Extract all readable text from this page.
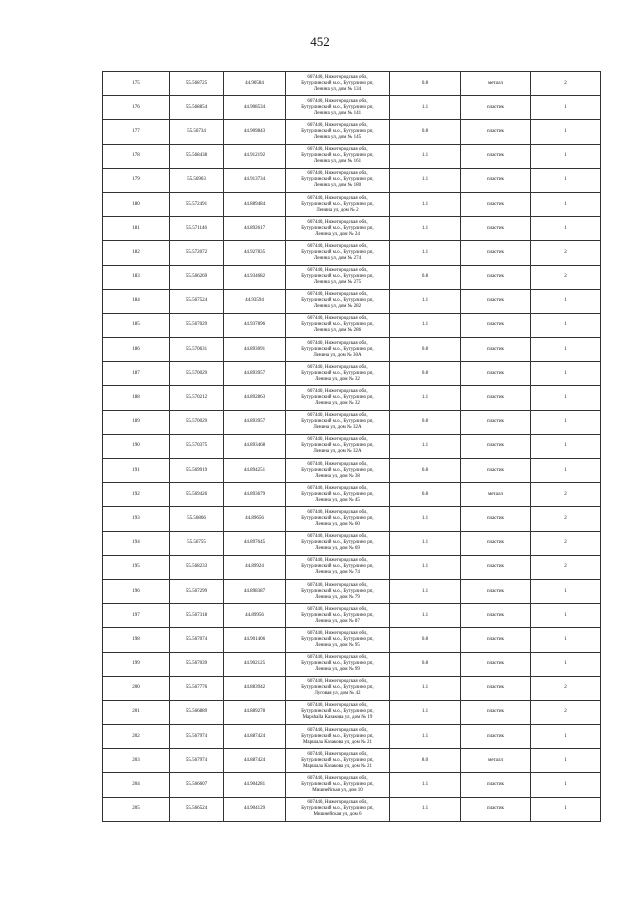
452
175	55.568725	44.90584	607440, Нижегородская обл,
Бутурлинский м.о., Бутурлино рп,
Ленина ул, дом № 134	0.8	металл	2
176	55.568854	44.908534	607440, Нижегородская обл,
Бутурлинский м.о., Бутурлино рп,
Ленина ул, дом № 141	1.1	пластик	1
177	55.56734	44.909843	607440, Нижегородская обл,
Бутурлинский м.о., Бутурлино рп,
Ленина ул, дом № 145	0.8	пластик	1
178	55.568438	44.912192	607440, Нижегородская обл,
Бутурлинский м.о., Бутурлино рп,
Ленина ул, дом № 161	1.1	пластик	1
179	55.56963	44.913734	607440, Нижегородская обл,
Бутурлинский м.о., Бутурлино рп,
Ленина ул, дом № 180	1.1	пластик	1
180	55.572491	44.889484	607440, Нижегородская обл,
Бутурлинский м.о., Бутурлино рп,
Ленина ул, дом № 2	1.1	пластик	1
181	55.571146	44.892617	607440, Нижегородская обл,
Бутурлинский м.о., Бутурлино рп,
Ленина ул, дом № 24	1.1	пластик	1
182	55.572072	44.927835	607440, Нижегородская обл,
Бутурлинский м.о., Бутурлино рп,
Ленина ул, дом № 274	1.1	пластик	2
183	55.566269	44.934682	607440, Нижегородская обл,
Бутурлинский м.о., Бутурлино рп,
Ленина ул, дом № 275	0.8	пластик	2
184	55.567524	44.93594	607440, Нижегородская обл,
Бутурлинский м.о., Бутурлино рп,
Ленина ул, дом № 282	1.1	пластик	1
185	55.567029	44.937896	607440, Нижегородская обл,
Бутурлинский м.о., Бутурлино рп,
Ленина ул, дом № 286	1.1	пластик	1
186	55.570631	44.893091	607440, Нижегородская обл,
Бутурлинский м.о., Бутурлино рп,
Ленина ул, дом № 30А	0.8	пластик	1
187	55.570029	44.893957	607440, Нижегородская обл,
Бутурлинский м.о., Бутурлино рп,
Ленина ул, дом № 32	0.8	пластик	1
188	55.570212	44.892863	607440, Нижегородская обл,
Бутурлинский м.о., Бутурлино рп,
Ленина ул, дом № 32	1.1	пластик	1
189	55.570029	44.893957	607440, Нижегородская обл,
Бутурлинский м.о., Бутурлино рп,
Ленина ул, дом № 32А	0.8	пластик	1
190	55.570375	44.893468	607440, Нижегородская обл,
Бутурлинский м.о., Бутурлино рп,
Ленина ул, дом № 32А	1.1	пластик	1
191	55.569919	44.894251	607440, Нижегородская обл,
Бутурлинский м.о., Бутурлино рп,
Ленина ул, дом № 38	0.8	пластик	1
192	55.569426	44.893679	607440, Нижегородская обл,
Бутурлинский м.о., Бутурлино рп,
Ленина ул, дом № 45	0.8	металл	2
193	55.56866	44.89656	607440, Нижегородская обл,
Бутурлинский м.о., Бутурлино рп,
Ленина ул, дом № 60	1.1	пластик	2
194	55.56755	44.897645	607440, Нижегородская обл,
Бутурлинский м.о., Бутурлино рп,
Ленина ул, дом № 69	1.1	пластик	2
195	55.568233	44.89924	607440, Нижегородская обл,
Бутурлинский м.о., Бутурлино рп,
Ленина ул, дом № 74	1.1	пластик	2
196	55.567299	44.898387	607440, Нижегородская обл,
Бутурлинский м.о., Бутурлино рп,
Ленина ул, дом № 79	1.1	пластик	1
197	55.567318	44.89956	607440, Нижегородская обл,
Бутурлинский м.о., Бутурлино рп,
Ленина ул, дом № 87	1.1	пластик	1
198	55.567074	44.901406	607440, Нижегородская обл,
Бутурлинский м.о., Бутурлино рп,
Ленина ул, дом № 95	0.8	пластик	1
199	55.567039	44.902125	607440, Нижегородская обл,
Бутурлинский м.о., Бутурлино рп,
Ленина ул, дом № 99	0.8	пластик	1
200	55.567776	44.883942	607440, Нижегородская обл,
Бутурлинский м.о., Бутурлино рп,
Луговая ул, дом № 42	1.1	пластик	2
201	55.566889	44.889278	607440, Нижегородская обл,
Бутурлинский м.о., Бутурлино рп,
Марshallа Казакова ул, дом № 19	1.1	пластик	2
202	55.567974	44.887424	607440, Нижегородская обл,
Бутурлинский м.о., Бутурлино рп,
Маршала Казакова ул, дом № 21	1.1	пластик	1
203	55.567974	44.887424	607440, Нижегородская обл,
Бутурлинский м.о., Бутурлино рп,
Маршала Казакова ул, дом № 21	8.0	металл	1
204	55.566607	44.904281	607440, Нижегородская обл,
Бутурлинский м.о., Бутурлино рп,
Мишнейская ул, дом 10	1.1	пластик	1
205	55.566524	44.904129	607440, Нижегородская обл,
Бутурлинский м.о., Бутурлино рп,
Мишнейская ул, дом 6	1.1	пластик	1
